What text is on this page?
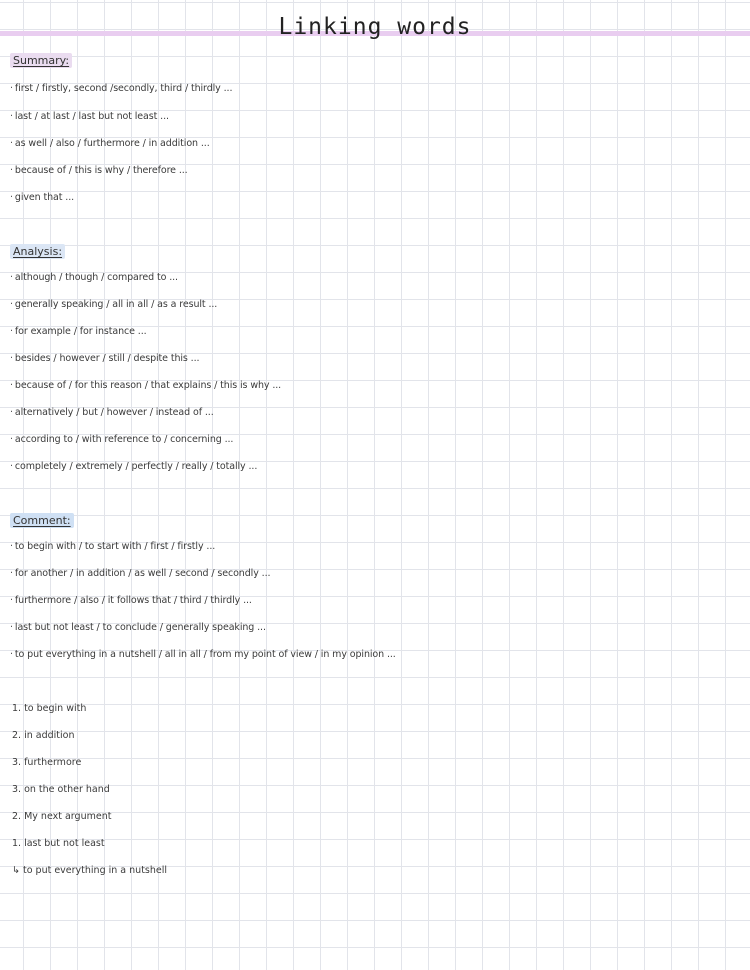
Linking words
Summary:
· first / firstly, second /secondly, third / thirdly ...
· last / at last / last but not least ...
· as well / also / furthermore / in addition ...
· because of / this is why / therefore ...
· given that ...
Analysis:
· although / though / compared to ...
· generally speaking / all in all / as a result ...
· for example / for instance ...
· besides / however / still / despite this ...
· because of / for this reason / that explains / this is why ...
· alternatively / but / however / instead of ...
· according to / with reference to / concerning ...
· completely / extremely / perfectly / really / totally ...
Comment:
· to begin with / to start with / first / firstly ...
· for another / in addition / as well / second / secondly ...
· furthermore / also / it follows that / third / thirdly ...
· last but not least / to conclude / generally speaking ...
· to put everything in a nutshell / all in all / from my point of view / in my opinion ...
1. to begin with
2. in addition
3. furthermore
3. on the other hand
2. My next argument
1. last but not least
↳ to put everything in a nutshell
